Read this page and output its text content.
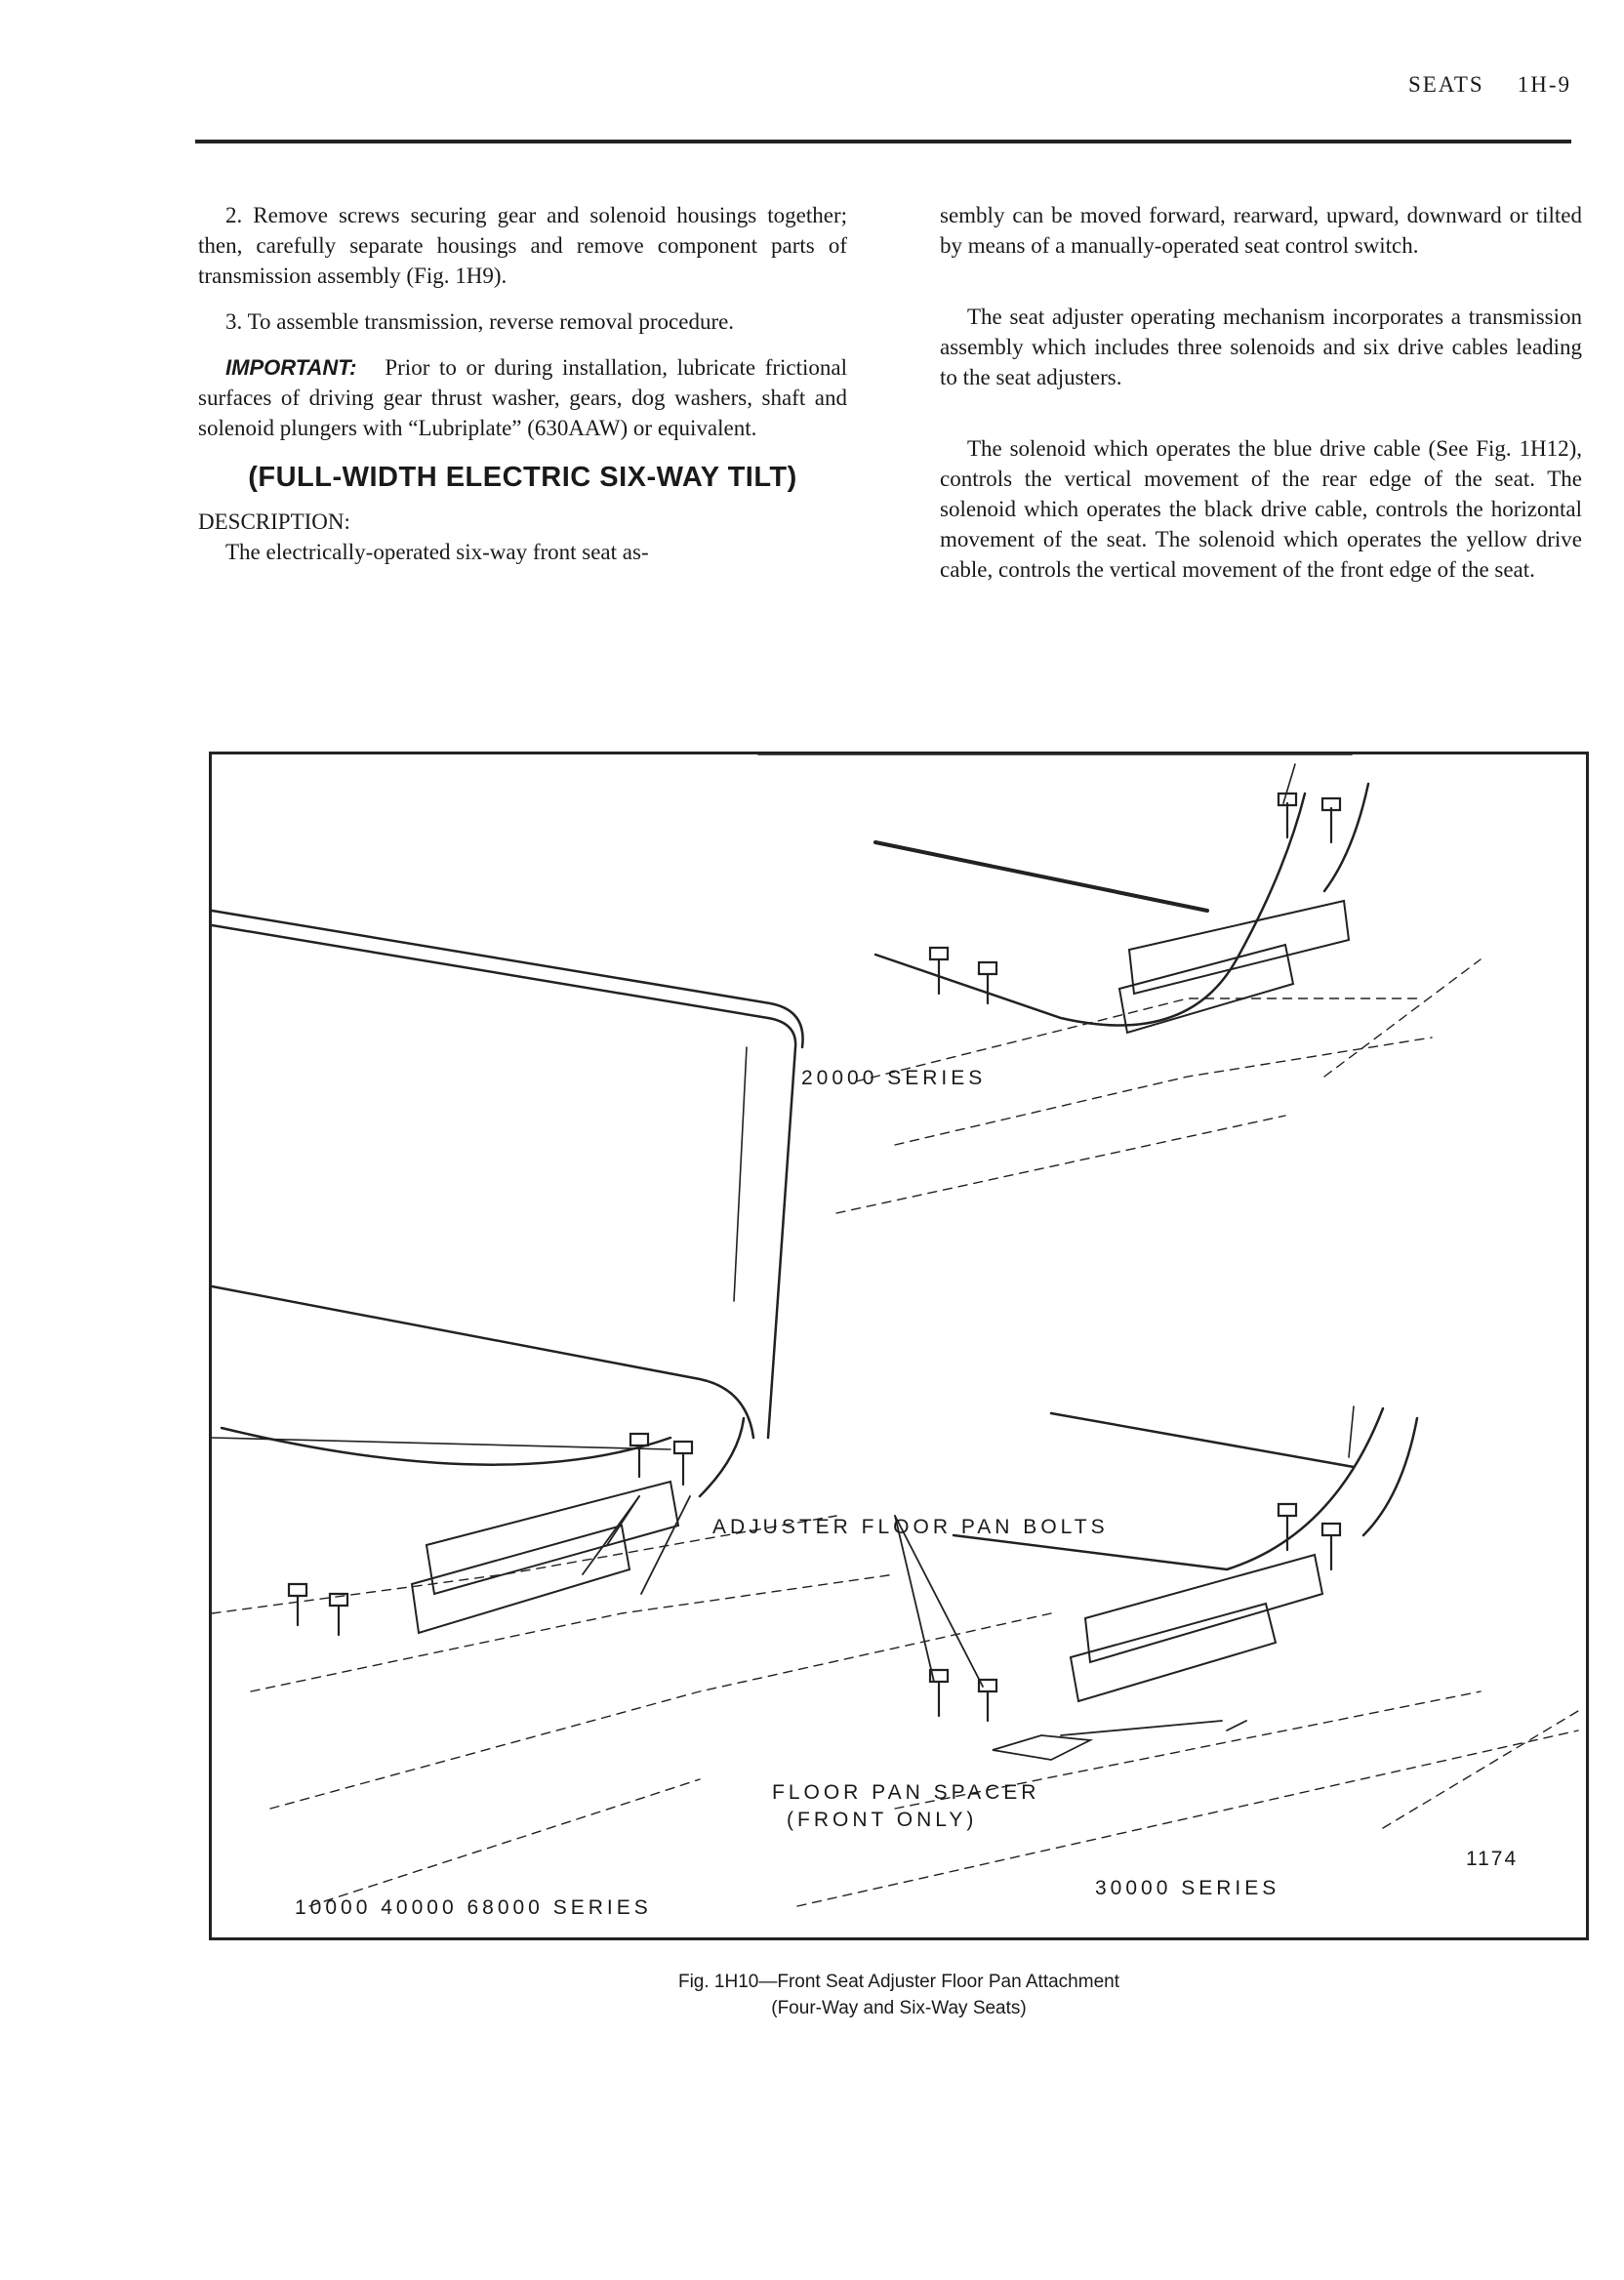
SEATS 1H-9

2. Remove screws securing gear and solenoid housings together; then, carefully separate housings and remove component parts of transmission assembly (Fig. 1H9).

3. To assemble transmission, reverse removal procedure.

IMPORTANT: Prior to or during installation, lubricate frictional surfaces of driving gear thrust washer, gears, dog washers, shaft and solenoid plungers with “Lubriplate” (630AAW) or equivalent.

(FULL-WIDTH ELECTRIC SIX-WAY TILT)

DESCRIPTION:

The electrically-operated six-way front seat as-

sembly can be moved forward, rearward, upward, downward or tilted by means of a manually-operated seat control switch.

The seat adjuster operating mechanism incorporates a transmission assembly which includes three solenoids and six drive cables leading to the seat adjusters.

The solenoid which operates the blue drive cable (See Fig. 1H12), controls the vertical movement of the rear edge of the seat. The solenoid which operates the black drive cable, controls the horizontal movement of the seat. The solenoid which operates the yellow drive cable, controls the vertical movement of the front edge of the seat.

20000 SERIES
ADJUSTER FLOOR PAN BOLTS
FLOOR PAN SPACER
(FRONT ONLY)
1174
30000 SERIES
10000 40000 68000 SERIES
Fig. 1H10—Front Seat Adjuster Floor Pan Attachment
(Four-Way and Six-Way Seats)
